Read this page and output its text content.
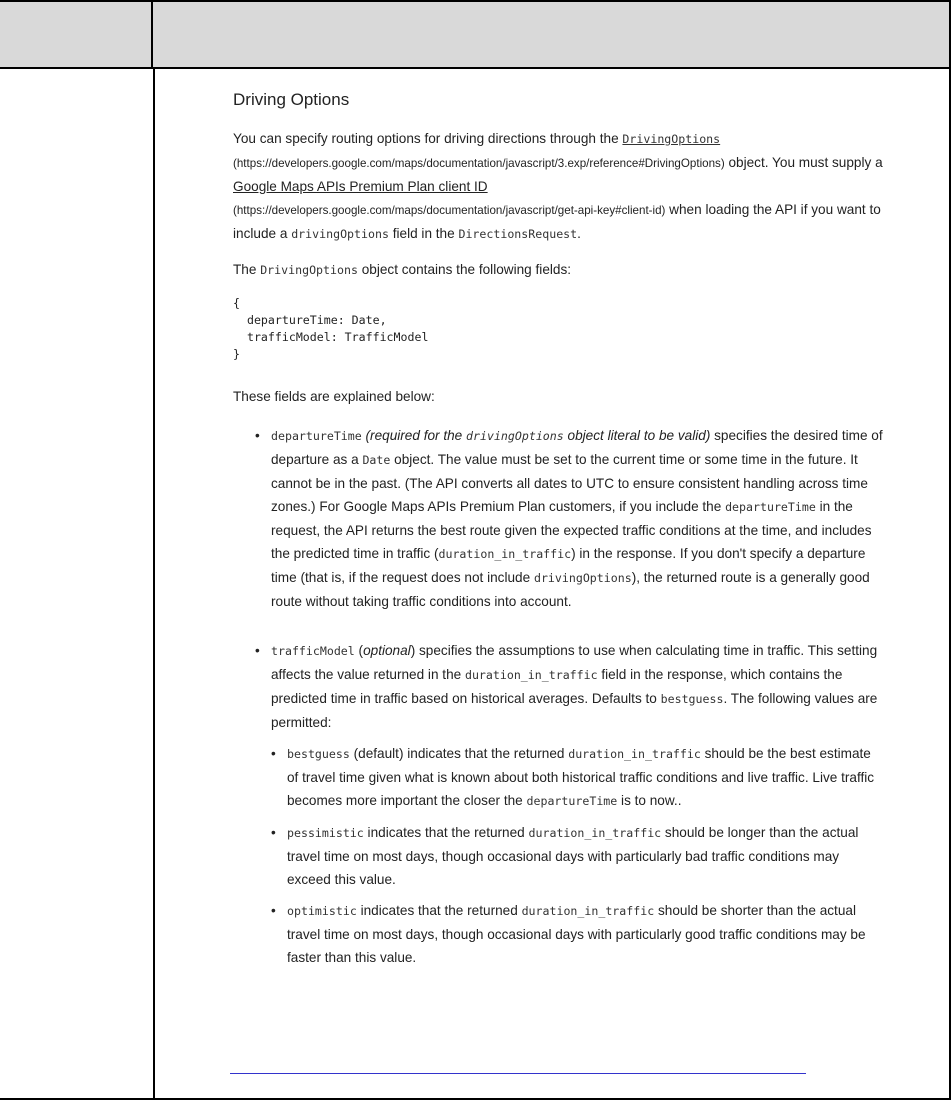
Driving Options

You can specify routing options for driving directions through the DrivingOptions
(https://developers.google.com/maps/documentation/javascript/3.exp/reference#DrivingOptions) object. You must supply a Google Maps APIs Premium Plan client ID
(https://developers.google.com/maps/documentation/javascript/get-api-key#client-id) when loading the API if you want to include a drivingOptions field in the DirectionsRequest.

The DrivingOptions object contains the following fields:

{
departureTime: Date,
trafficModel: TrafficModel
}

These fields are explained below:

• departureTime (required for the drivingOptions object literal to be valid) specifies the desired time of departure as a Date object. The value must be set to the current time or some time in the future. It cannot be in the past. (The API converts all dates to UTC to ensure consistent handling across time zones.) For Google Maps APIs Premium Plan customers, if you include the departureTime in the request, the API returns the best route given the expected traffic conditions at the time, and includes the predicted time in traffic (duration_in_traffic) in the response. If you don't specify a departure time (that is, if the request does not include drivingOptions), the returned route is a generally good route without taking traffic conditions into account.
• trafficModel (optional) specifies the assumptions to use when calculating time in traffic. This setting affects the value returned in the duration_in_traffic field in the response, which contains the predicted time in traffic based on historical averages. Defaults to bestguess. The following values are permitted:
• bestguess (default) indicates that the returned duration_in_traffic should be the best estimate of travel time given what is known about both historical traffic conditions and live traffic. Live traffic becomes more important the closer the departureTime is to now..
• pessimistic indicates that the returned duration_in_traffic should be longer than the actual travel time on most days, though occasional days with particularly bad traffic conditions may exceed this value.
• optimistic indicates that the returned duration_in_traffic should be shorter than the actual travel time on most days, though occasional days with particularly good traffic conditions may be faster than this value.
